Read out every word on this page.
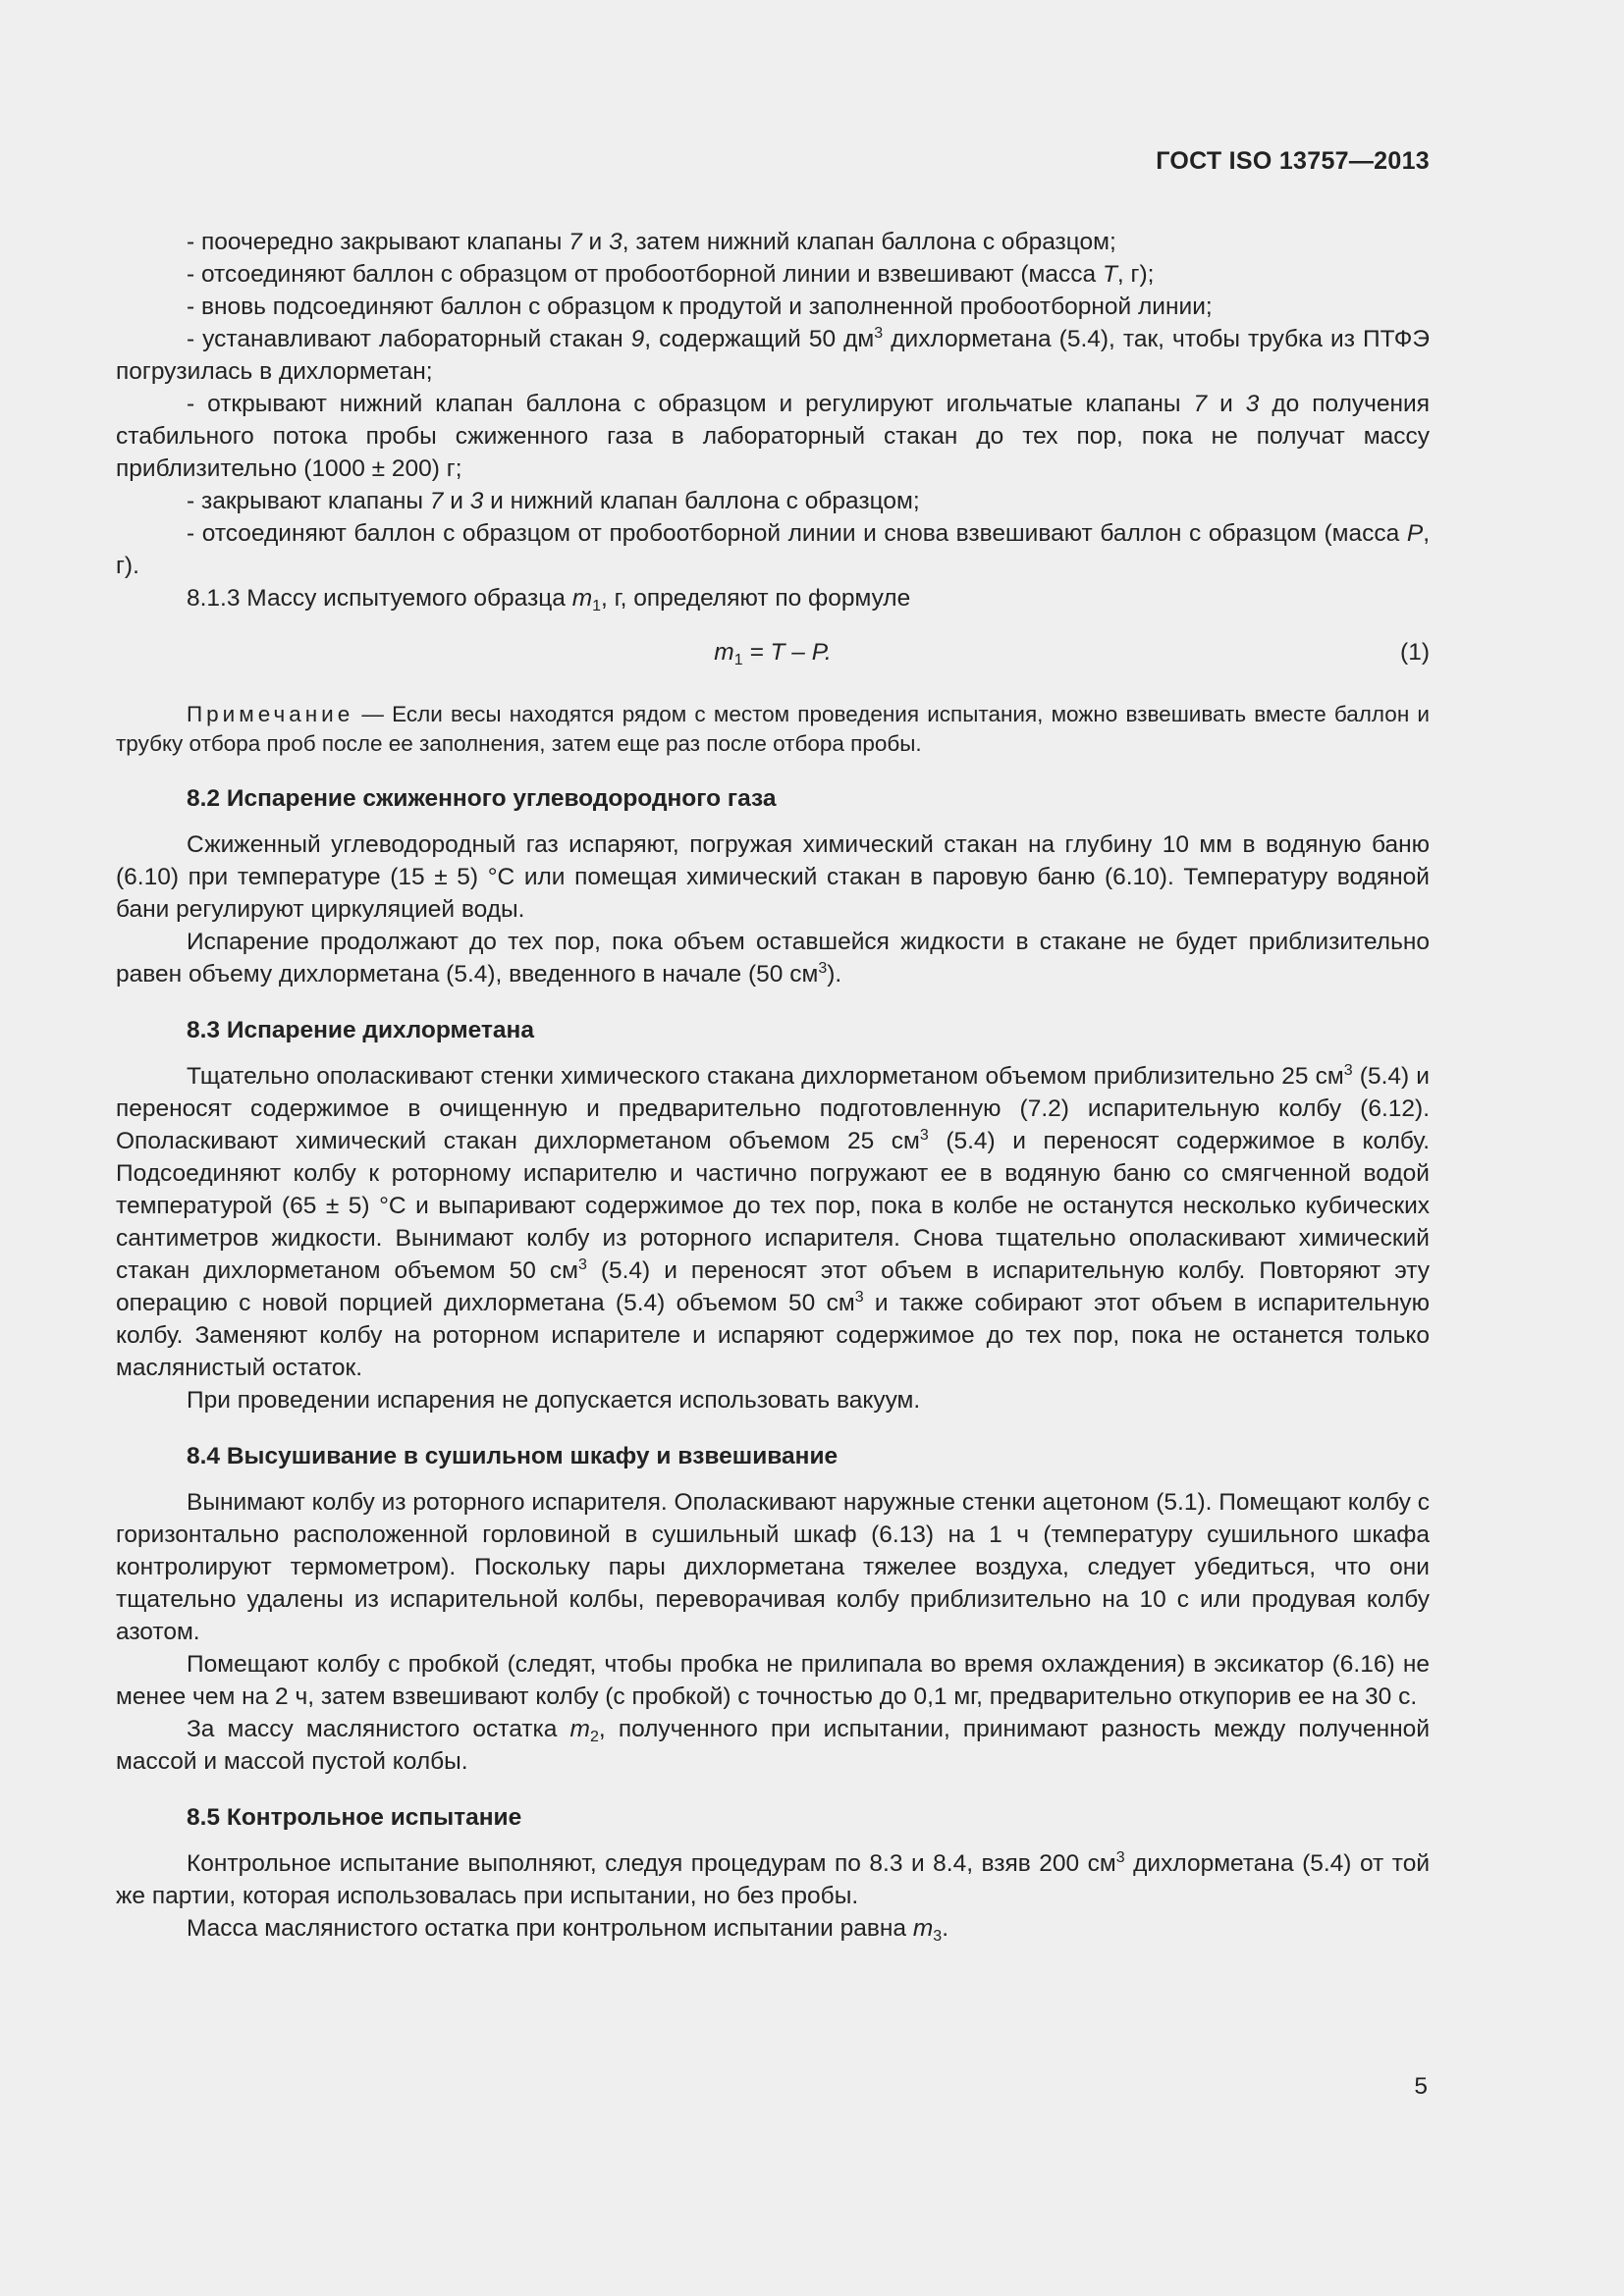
ГОСТ ISO 13757—2013

- поочередно закрывают клапаны 7 и 3, затем нижний клапан баллона с образцом;

- отсоединяют баллон с образцом от пробоотборной линии и взвешивают (масса T, г);

- вновь подсоединяют баллон с образцом к продутой и заполненной пробоотборной линии;

- устанавливают лабораторный стакан 9, содержащий 50 $дм^3$ дихлорметана (5.4), так, чтобы трубка из ПТФЭ погрузилась в дихлорметан;

- открывают нижний клапан баллона с образцом и регулируют игольчатые клапаны 7 и 3 до получения стабильного потока пробы сжиженного газа в лабораторный стакан до тех пор, пока не получат массу приблизительно (1000 ± 200) г;

- закрывают клапаны 7 и 3 и нижний клапан баллона с образцом;

- отсоединяют баллон с образцом от пробоотборной линии и снова взвешивают баллон с образцом (масса P, г).

8.1.3 Массу испытуемого образца $m_1$, г, определяют по формуле

$m_1 = T - P$.	(1)

Примечание — Если весы находятся рядом с местом проведения испытания, можно взвешивать вместе баллон и трубку отбора проб после ее заполнения, затем еще раз после отбора пробы.

8.2 Испарение сжиженного углеводородного газа

Сжиженный углеводородный газ испаряют, погружая химический стакан на глубину 10 мм в водяную баню (6.10) при температуре (15 ± 5) °С или помещая химический стакан в паровую баню (6.10). Температуру водяной бани регулируют циркуляцией воды.

Испарение продолжают до тех пор, пока объем оставшейся жидкости в стакане не будет приблизительно равен объему дихлорметана (5.4), введенного в начале (50 $см^3$).

8.3 Испарение дихлорметана

Тщательно ополаскивают стенки химического стакана дихлорметаном объемом приблизительно 25 $см^3$ (5.4) и переносят содержимое в очищенную и предварительно подготовленную (7.2) испарительную колбу (6.12). Ополаскивают химический стакан дихлорметаном объемом 25 $см^3$ (5.4) и переносят содержимое в колбу. Подсоединяют колбу к роторному испарителю и частично погружают ее в водяную баню со смягченной водой температурой (65 ± 5) °С и выпаривают содержимое до тех пор, пока в колбе не останутся несколько кубических сантиметров жидкости. Вынимают колбу из роторного испарителя. Снова тщательно ополаскивают химический стакан дихлорметаном объемом 50 $см^3$ (5.4) и переносят этот объем в испарительную колбу. Повторяют эту операцию с новой порцией дихлорметана (5.4) объемом 50 $см^3$ и также собирают этот объем в испарительную колбу. Заменяют колбу на роторном испарителе и испаряют содержимое до тех пор, пока не останется только маслянистый остаток.

При проведении испарения не допускается использовать вакуум.

8.4 Высушивание в сушильном шкафу и взвешивание

Вынимают колбу из роторного испарителя. Ополаскивают наружные стенки ацетоном (5.1). Помещают колбу с горизонтально расположенной горловиной в сушильный шкаф (6.13) на 1 ч (температуру сушильного шкафа контролируют термометром). Поскольку пары дихлорметана тяжелее воздуха, следует убедиться, что они тщательно удалены из испарительной колбы, переворачивая колбу приблизительно на 10 с или продувая колбу азотом.

Помещают колбу с пробкой (следят, чтобы пробка не прилипала во время охлаждения) в эксикатор (6.16) не менее чем на 2 ч, затем взвешивают колбу (с пробкой) с точностью до 0,1 мг, предварительно откупорив ее на 30 с.

За массу маслянистого остатка $m_2$, полученного при испытании, принимают разность между полученной массой и массой пустой колбы.

8.5 Контрольное испытание

Контрольное испытание выполняют, следуя процедурам по 8.3 и 8.4, взяв 200 $см^3$ дихлорметана (5.4) от той же партии, которая использовалась при испытании, но без пробы.

Масса маслянистого остатка при контрольном испытании равна $m_3$.

5
